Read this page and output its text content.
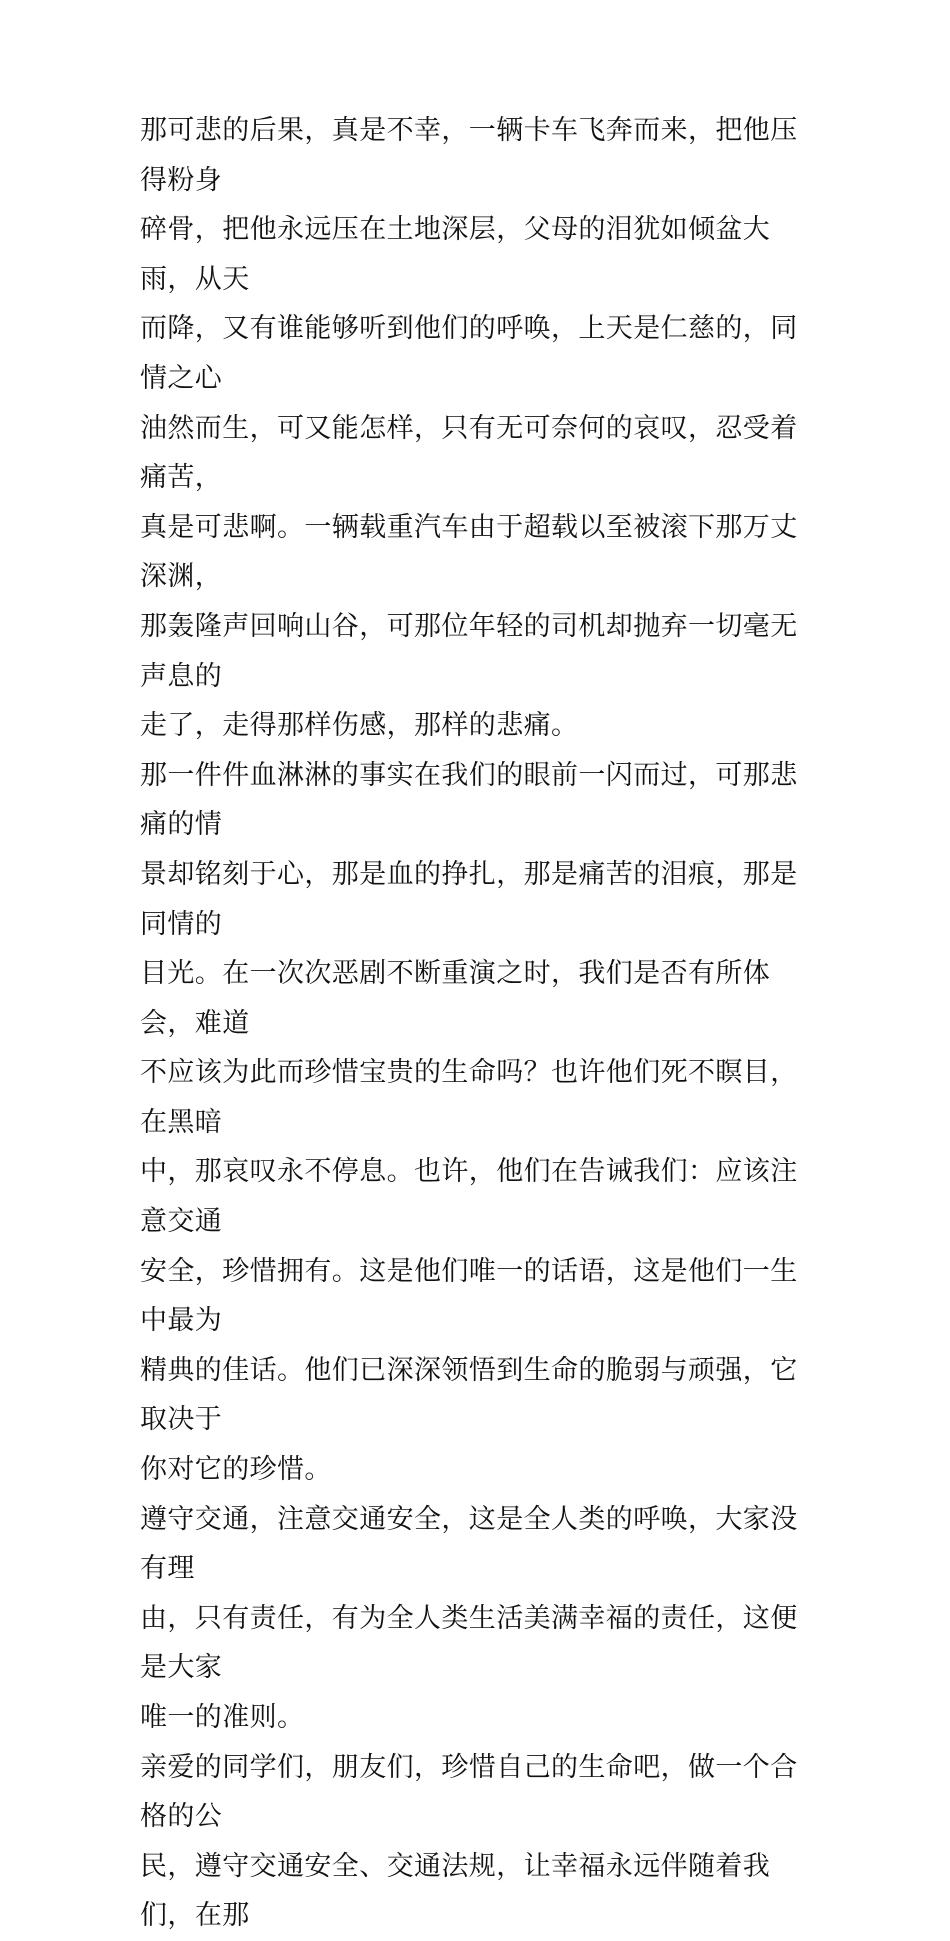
那可悲的后果，真是不幸，一辆卡车飞奔而来，把他压得粉身
碎骨，把他永远压在土地深层，父母的泪犹如倾盆大雨，从天
而降，又有谁能够听到他们的呼唤，上天是仁慈的，同情之心
油然而生，可又能怎样，只有无可奈何的哀叹，忍受着痛苦，
真是可悲啊。一辆载重汽车由于超载以至被滚下那万丈深渊，
那轰隆声回响山谷，可那位年轻的司机却抛弃一切毫无声息的
走了，走得那样伤感，那样的悲痛。

那一件件血淋淋的事实在我们的眼前一闪而过，可那悲痛的情
景却铭刻于心，那是血的挣扎，那是痛苦的泪痕，那是同情的
目光。在一次次恶剧不断重演之时，我们是否有所体会，难道
不应该为此而珍惜宝贵的生命吗？也许他们死不瞑目，在黑暗
中，那哀叹永不停息。也许，他们在告诫我们：应该注意交通
安全，珍惜拥有。这是他们唯一的话语，这是他们一生中最为
精典的佳话。他们已深深领悟到生命的脆弱与顽强，它取决于
你对它的珍惜。

遵守交通，注意交通安全，这是全人类的呼唤，大家没有理
由，只有责任，有为全人类生活美满幸福的责任，这便是大家
唯一的准则。

亲爱的同学们，朋友们，珍惜自己的生命吧，做一个合格的公
民，遵守交通安全、交通法规，让幸福永远伴随着我们，在那
